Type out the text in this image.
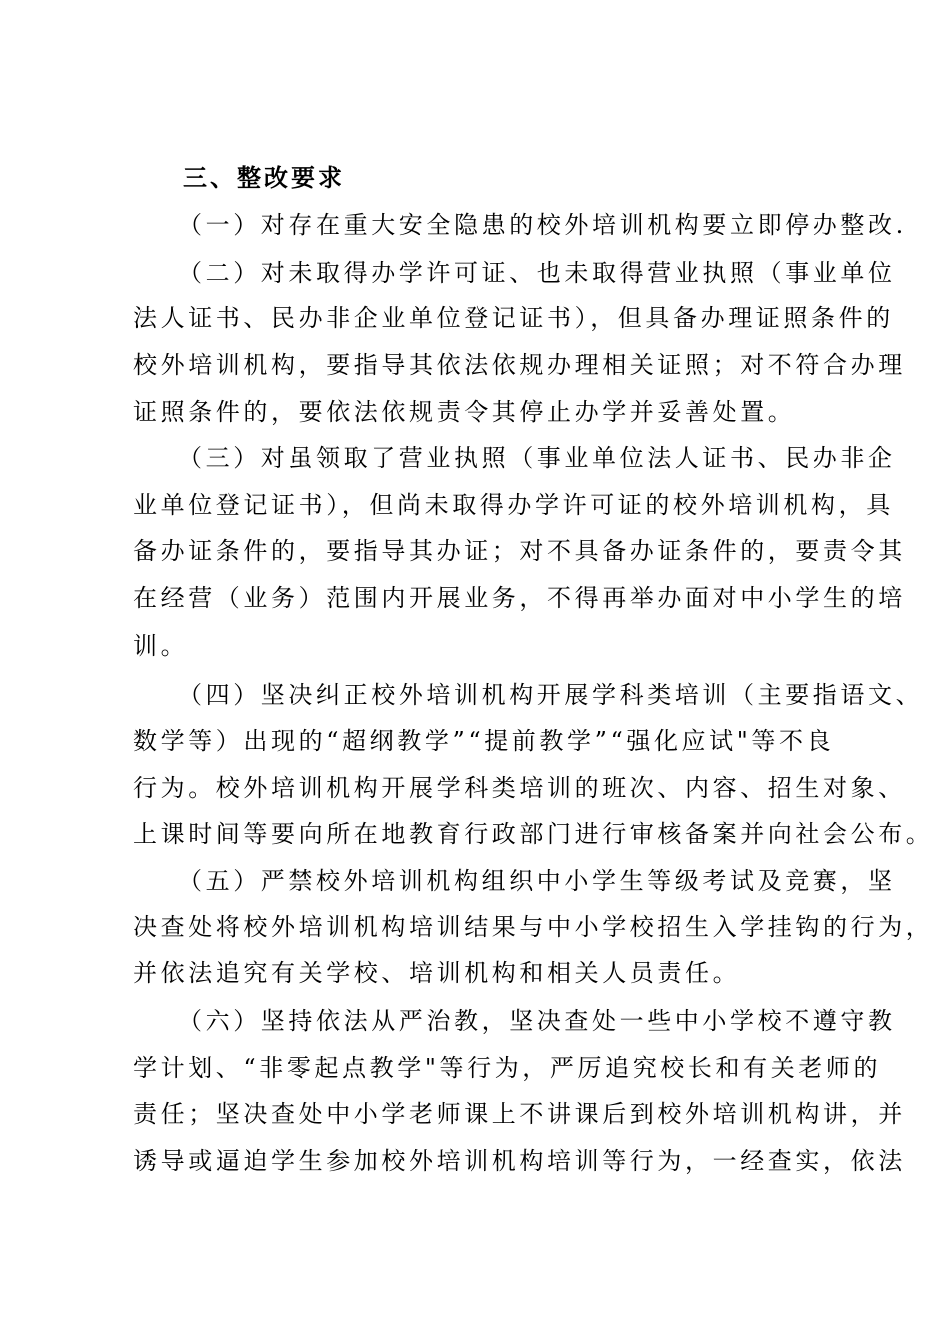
三、整改要求
（一）对存在重大安全隐患的校外培训机构要立即停办整改.
（二）对未取得办学许可证、也未取得营业执照（事业单位
法人证书、民办非企业单位登记证书），但具备办理证照条件的
校外培训机构，要指导其依法依规办理相关证照；对不符合办理
证照条件的，要依法依规责令其停止办学并妥善处置。
（三）对虽领取了营业执照（事业单位法人证书、民办非企
业单位登记证书），但尚未取得办学许可证的校外培训机构，具
备办证条件的，要指导其办证；对不具备办证条件的，要责令其
在经营（业务）范围内开展业务，不得再举办面对中小学生的培
训。
（四）坚决纠正校外培训机构开展学科类培训（主要指语文、
数学等）出现的“超纲教学”“提前教学”“强化应试"等不良
行为。校外培训机构开展学科类培训的班次、内容、招生对象、
上课时间等要向所在地教育行政部门进行审核备案并向社会公布。
（五）严禁校外培训机构组织中小学生等级考试及竞赛，坚
决查处将校外培训机构培训结果与中小学校招生入学挂钩的行为，
并依法追究有关学校、培训机构和相关人员责任。
（六）坚持依法从严治教，坚决查处一些中小学校不遵守教
学计划、“非零起点教学"等行为，严厉追究校长和有关老师的
责任；坚决查处中小学老师课上不讲课后到校外培训机构讲，并
诱导或逼迫学生参加校外培训机构培训等行为，一经查实，依法
